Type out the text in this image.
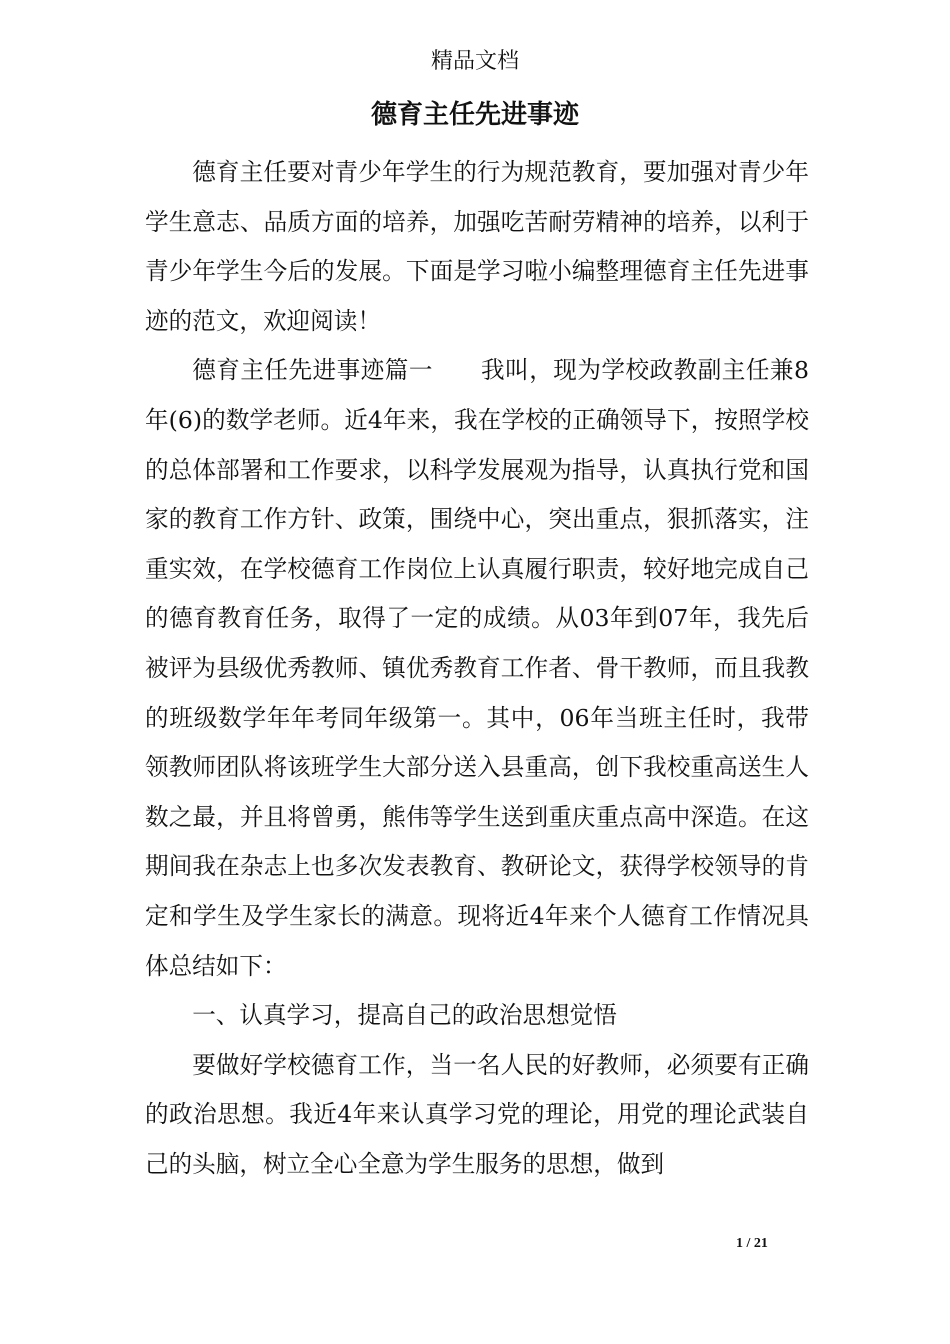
精品文档
德育主任先进事迹

德育主任要对青少年学生的行为规范教育，要加强对青少年学生意志、品质方面的培养，加强吃苦耐劳精神的培养，以利于青少年学生今后的发展。下面是学习啦小编整理德育主任先进事迹的范文，欢迎阅读！

德育主任先进事迹篇一　　我叫，现为学校政教副主任兼8年(6)的数学老师。近4年来，我在学校的正确领导下，按照学校的总体部署和工作要求，以科学发展观为指导，认真执行党和国家的教育工作方针、政策，围绕中心，突出重点，狠抓落实，注重实效，在学校德育工作岗位上认真履行职责，较好地完成自己的德育教育任务，取得了一定的成绩。从03年到07年，我先后被评为县级优秀教师、镇优秀教育工作者、骨干教师，而且我教的班级数学年年考同年级第一。其中，06年当班主任时，我带领教师团队将该班学生大部分送入县重高，创下我校重高送生人数之最，并且将曾勇，熊伟等学生送到重庆重点高中深造。在这期间我在杂志上也多次发表教育、教研论文，获得学校领导的肯定和学生及学生家长的满意。现将近4年来个人德育工作情况具体总结如下：

一、认真学习，提高自己的政治思想觉悟

要做好学校德育工作，当一名人民的好教师，必须要有正确的政治思想。我近4年来认真学习党的理论，用党的理论武装自己的头脑，树立全心全意为学生服务的思想，做到

1 / 21
